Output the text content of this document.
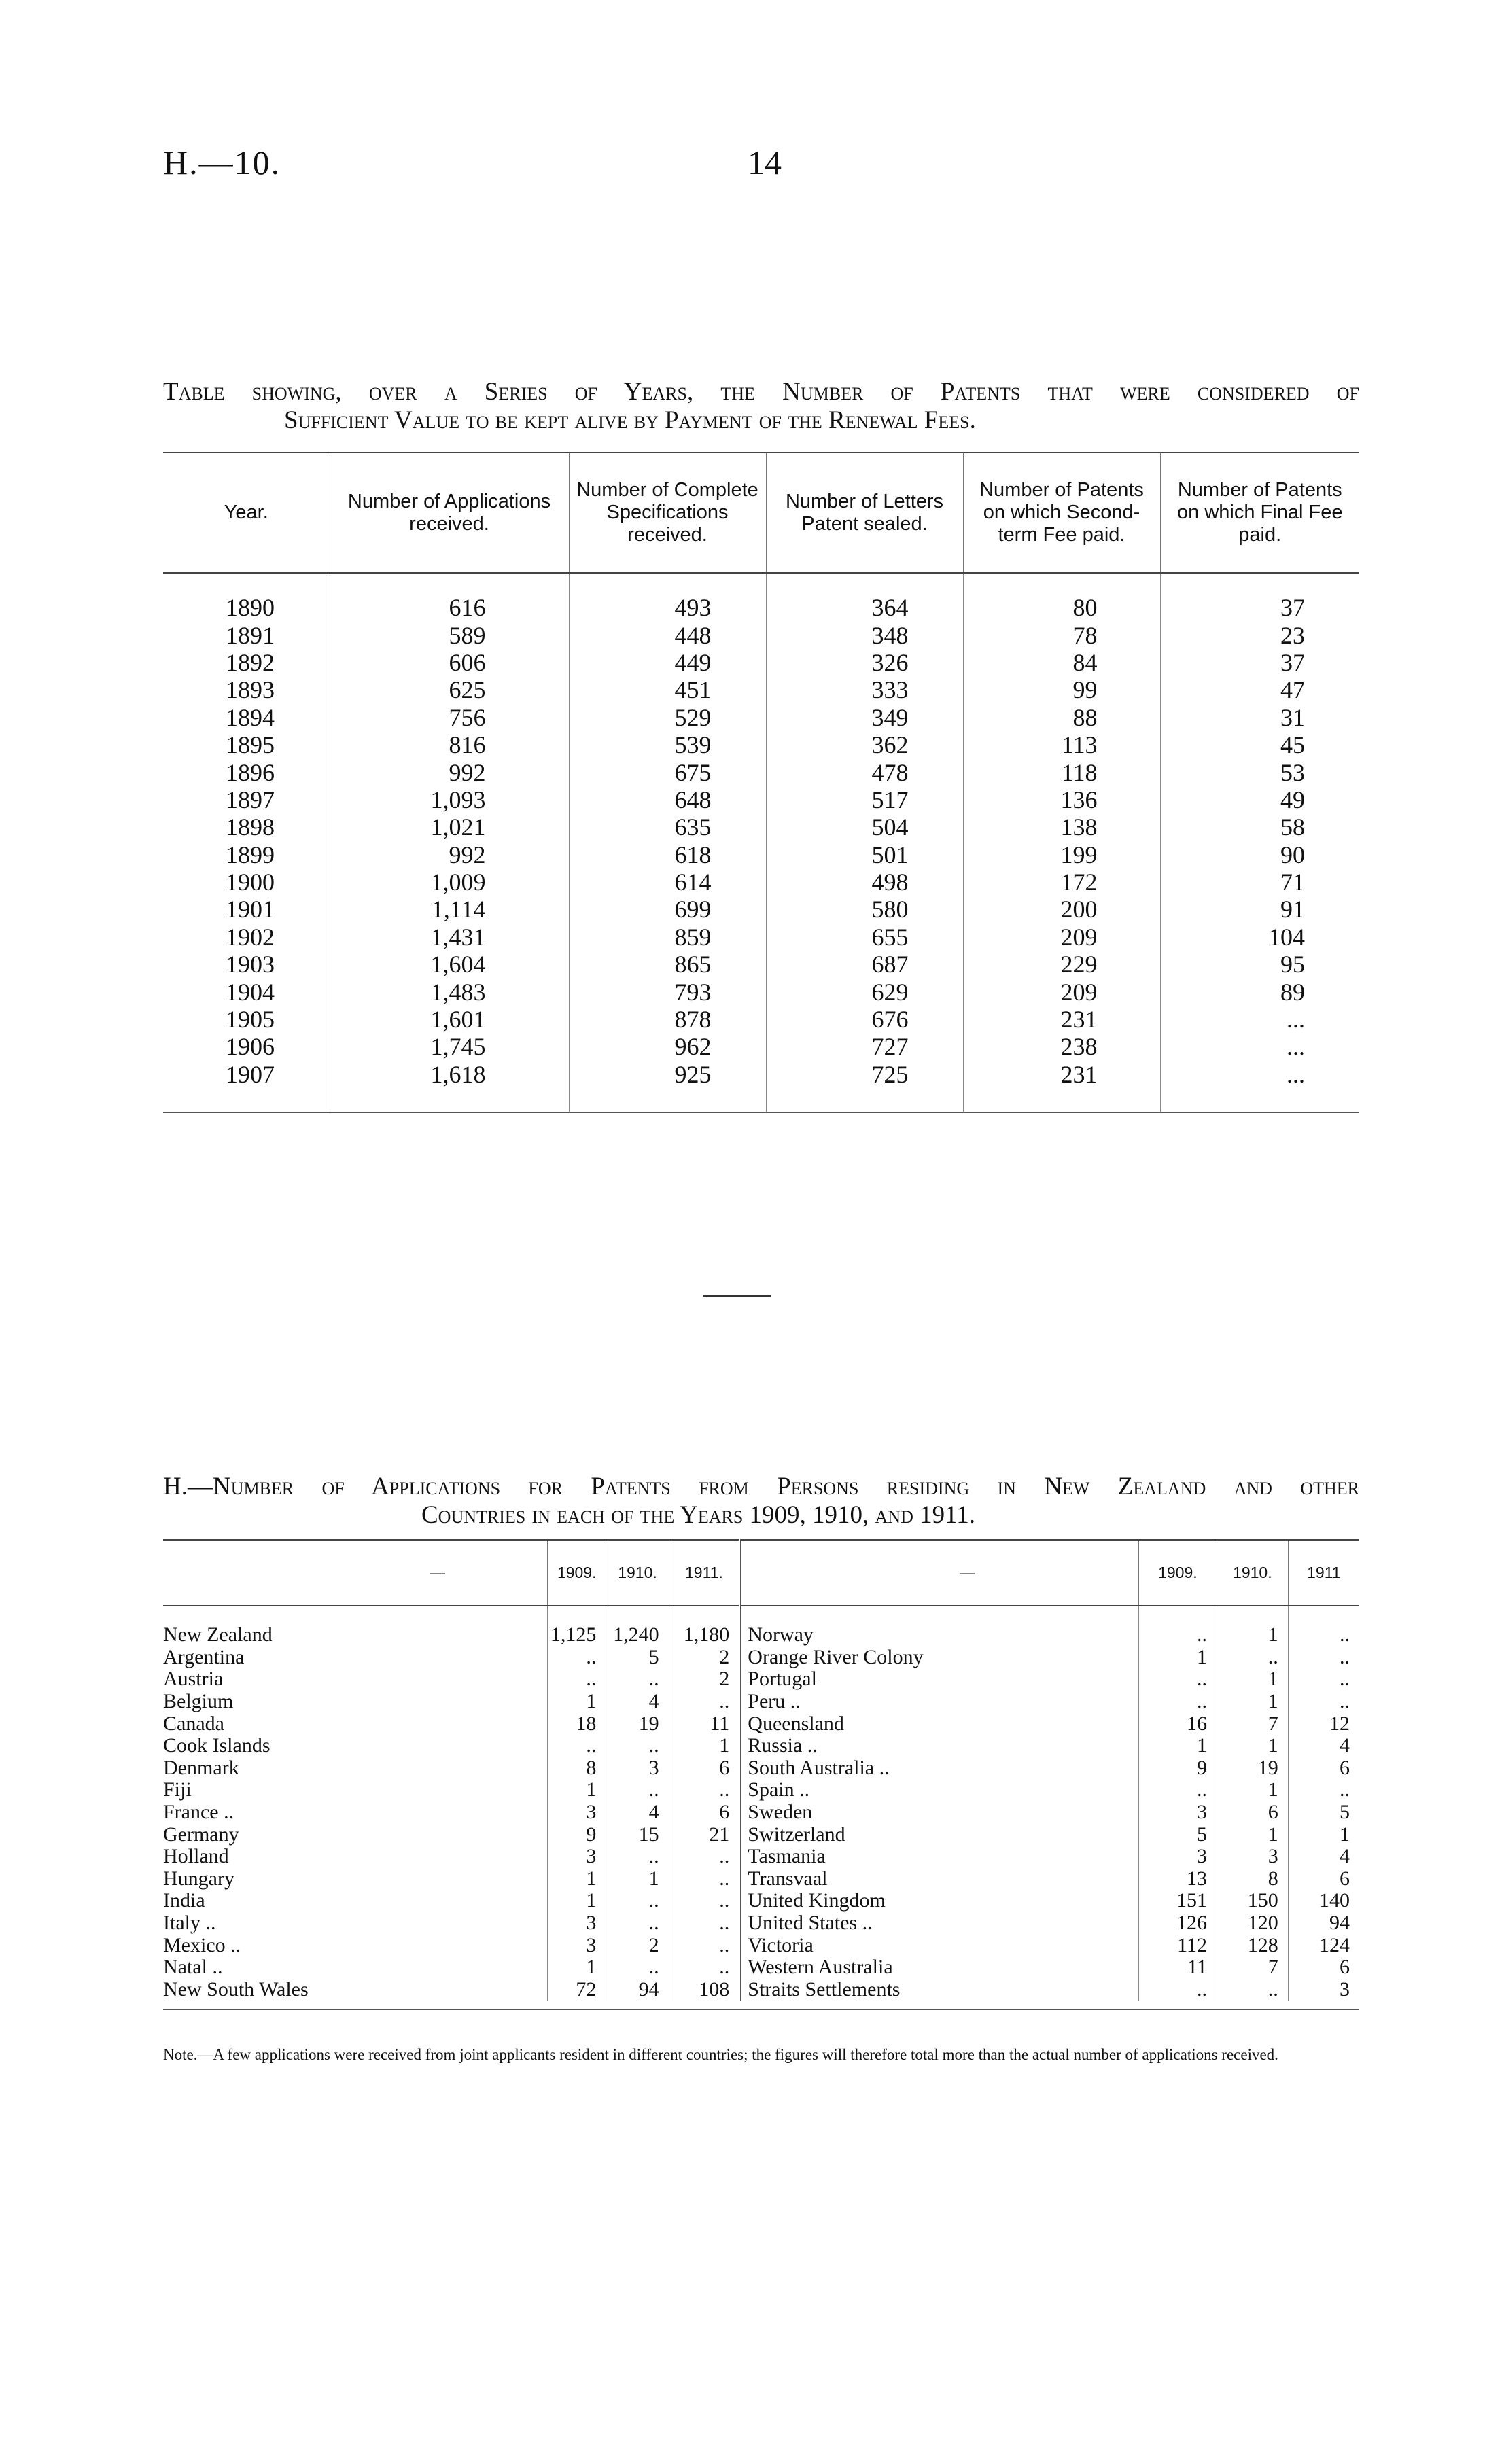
H.—10.	14
Table showing, over a Series of Years, the Number of Patents that were considered of
Sufficient Value to be kept alive by Payment of the Renewal Fees.
Year.	Number of Applications received.	Number of Complete Specifications received.	Number of Letters Patent sealed.	Number of Patents on which Second-term Fee paid.	Number of Patents on which Final Fee paid.

1890	616	493	364	80	37
1891	589	448	348	78	23
1892	606	449	326	84	37
1893	625	451	333	99	47
1894	756	529	349	88	31
1895	816	539	362	113	45
1896	992	675	478	118	53
1897	1,093	648	517	136	49
1898	1,021	635	504	138	58
1899	992	618	501	199	90
1900	1,009	614	498	172	71
1901	1,114	699	580	200	91
1902	1,431	859	655	209	104
1903	1,604	865	687	229	95
1904	1,483	793	629	209	89
1905	1,601	878	676	231	...
1906	1,745	962	727	238	...
1907	1,618	925	725	231	...

H.—Number of Applications for Patents from Persons residing in New Zealand and other
Countries in each of the Years 1909, 1910, and 1911.
—	1909.	1910.	1911.	—	1909.	1910.	1911

New Zealand	1,125	1,240	1,180	Norway	..	1	..
Argentina	..	5	2	Orange River Colony	1	..	..
Austria	..	..	2	Portugal	..	1	..
Belgium	1	4	..	Peru ..	..	1	..
Canada	18	19	11	Queensland	16	7	12
Cook Islands	..	..	1	Russia ..	1	1	4
Denmark	8	3	6	South Australia ..	9	19	6
Fiji	1	..	..	Spain ..	..	1	..
France ..	3	4	6	Sweden	3	6	5
Germany	9	15	21	Switzerland	5	1	1
Holland	3	..	..	Tasmania	3	3	4
Hungary	1	1	..	Transvaal	13	8	6
India	1	..	..	United Kingdom	151	150	140
Italy ..	3	..	..	United States ..	126	120	94
Mexico ..	3	2	..	Victoria	112	128	124
Natal ..	1	..	..	Western Australia	11	7	6
New South Wales	72	94	108	Straits Settlements	..	..	3

Note.—A few applications were received from joint applicants resident in different countries; the figures will therefore total more than the actual number of applications received.
